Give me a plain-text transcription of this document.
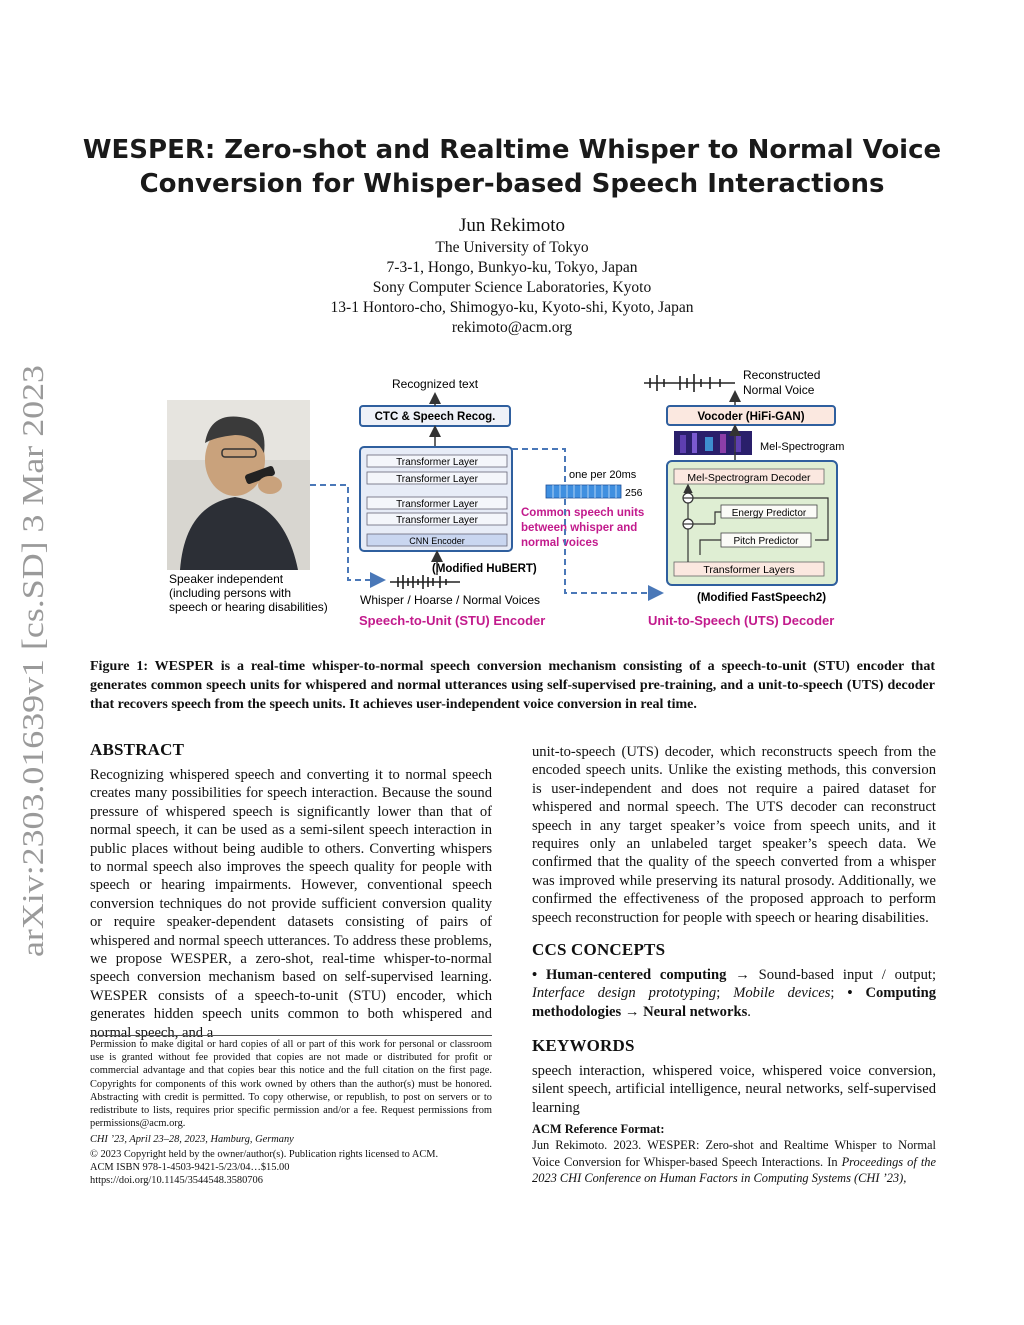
arXiv:2303.01639v1 [cs.SD] 3 Mar 2023
WESPER: Zero-shot and Realtime Whisper to Normal Voice
Conversion for Whisper-based Speech Interactions
Jun Rekimoto
The University of Tokyo
7-3-1, Hongo, Bunkyo-ku, Tokyo, Japan
Sony Computer Science Laboratories, Kyoto
13-1 Hontoro-cho, Shimogyo-ku, Kyoto-shi, Kyoto, Japan
rekimoto@acm.org
Speaker independent
(including persons with
speech or hearing disabilities)
Recognized text
CTC & Speech Recog.
Transformer Layer
Transformer Layer
Transformer Layer
Transformer Layer
CNN Encoder
(Modified HuBERT)
Whisper / Hoarse / Normal Voices
Speech-to-Unit (STU) Encoder
one per 20ms
256
Common speech units
between whisper and
normal voices
Reconstructed
Normal Voice
Vocoder (HiFi-GAN)
Mel-Spectrogram
Mel-Spectrogram Decoder
Energy Predictor
Pitch Predictor
Transformer Layers
(Modified FastSpeech2)
Unit-to-Speech (UTS) Decoder
Figure 1: WESPER is a real-time whisper-to-normal speech conversion mechanism consisting of a speech-to-unit (STU) encoder that generates common speech units for whispered and normal utterances using self-supervised pre-training, and a unit-to-speech (UTS) decoder that recovers speech from the speech units. It achieves user-independent voice conversion in real time.
ABSTRACT

Recognizing whispered speech and converting it to normal speech creates many possibilities for speech interaction. Because the sound pressure of whispered speech is significantly lower than that of normal speech, it can be used as a semi-silent speech interaction in public places without being audible to others. Converting whispers to normal speech also improves the speech quality for people with speech or hearing impairments. However, conventional speech conversion techniques do not provide sufficient conversion quality or require speaker-dependent datasets consisting of pairs of whispered and normal speech utterances. To address these problems, we propose WESPER, a zero-shot, real-time whisper-to-normal speech conversion mechanism based on self-supervised learning. WESPER consists of a speech-to-unit (STU) encoder, which generates hidden speech units common to both whispered and normal speech, and a

Permission to make digital or hard copies of all or part of this work for personal or classroom use is granted without fee provided that copies are not made or distributed for profit or commercial advantage and that copies bear this notice and the full citation on the first page. Copyrights for components of this work owned by others than the author(s) must be honored. Abstracting with credit is permitted. To copy otherwise, or republish, to post on servers or to redistribute to lists, requires prior specific permission and/or a fee. Request permissions from permissions@acm.org.
CHI ’23, April 23–28, 2023, Hamburg, Germany
© 2023 Copyright held by the owner/author(s). Publication rights licensed to ACM.
ACM ISBN 978-1-4503-9421-5/23/04…$15.00
https://doi.org/10.1145/3544548.3580706
unit-to-speech (UTS) decoder, which reconstructs speech from the encoded speech units. Unlike the existing methods, this conversion is user-independent and does not require a paired dataset for whispered and normal speech. The UTS decoder can reconstruct speech in any target speaker’s voice from speech units, and it requires only an unlabeled target speaker’s speech data. We confirmed that the quality of the speech converted from a whisper was improved while preserving its natural prosody. Additionally, we confirmed the effectiveness of the proposed approach to perform speech reconstruction for people with speech or hearing disabilities.
CCS CONCEPTS

• Human-centered computing → Sound-based input / output; Interface design prototyping; Mobile devices; • Computing methodologies → Neural networks.

KEYWORDS

speech interaction, whispered voice, whispered voice conversion, silent speech, artificial intelligence, neural networks, self-supervised learning

ACM Reference Format:
Jun Rekimoto. 2023. WESPER: Zero-shot and Realtime Whisper to Normal Voice Conversion for Whisper-based Speech Interactions. In Proceedings of the 2023 CHI Conference on Human Factors in Computing Systems (CHI ’23),
